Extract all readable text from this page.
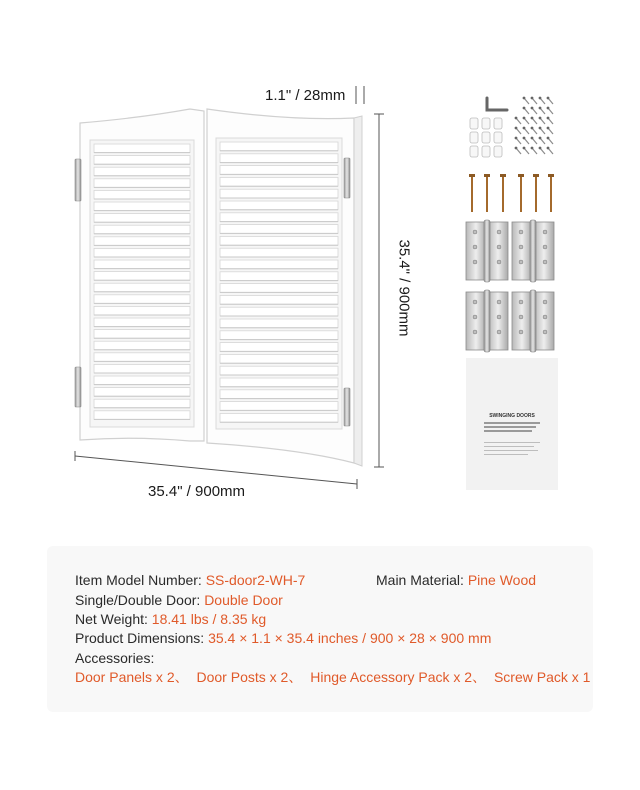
1.1" / 28mm
35.4" / 900mm
35.4" / 900mm
SWINGING DOORS
Item Model Number: SS-door2-WH-7	Main Material: Pine Wood
Single/Double Door: Double Door
Net Weight: 18.41 lbs / 8.35 kg
Product Dimensions: 35.4 × 1.1 × 35.4 inches / 900 × 28 × 900 mm
Accessories:
Door Panels x 2、 Door Posts x 2、 Hinge Accessory Pack x 2、 Screw Pack x 1
